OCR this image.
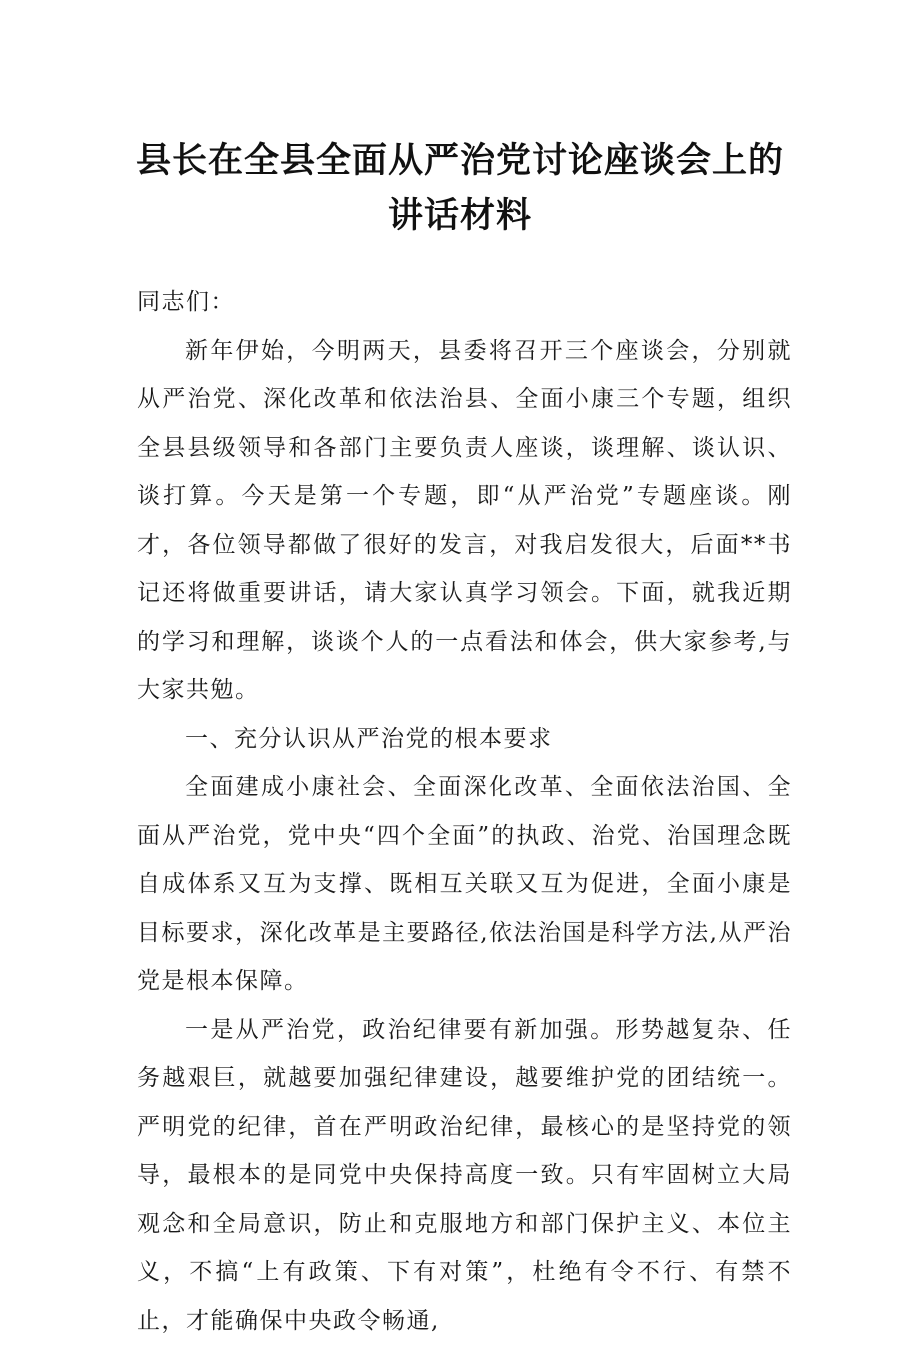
县长在全县全面从严治党讨论座谈会上的
讲话材料

同志们：

新年伊始，今明两天，县委将召开三个座谈会，分别就从严治党、深化改革和依法治县、全面小康三个专题，组织全县县级领导和各部门主要负责人座谈，谈理解、谈认识、谈打算。今天是第一个专题，即“从严治党”专题座谈。刚才，各位领导都做了很好的发言，对我启发很大，后面**书记还将做重要讲话，请大家认真学习领会。下面，就我近期的学习和理解，谈谈个人的一点看法和体会，供大家参考,与大家共勉。

一、充分认识从严治党的根本要求

全面建成小康社会、全面深化改革、全面依法治国、全面从严治党，党中央“四个全面”的执政、治党、治国理念既自成体系又互为支撑、既相互关联又互为促进，全面小康是目标要求，深化改革是主要路径,依法治国是科学方法,从严治党是根本保障。

一是从严治党，政治纪律要有新加强。形势越复杂、任务越艰巨，就越要加强纪律建设，越要维护党的团结统一。严明党的纪律，首在严明政治纪律，最核心的是坚持党的领导，最根本的是同党中央保持高度一致。只有牢固树立大局观念和全局意识，防止和克服地方和部门保护主义、本位主义，不搞“上有政策、下有对策”，杜绝有令不行、有禁不止，才能确保中央政令畅通,
